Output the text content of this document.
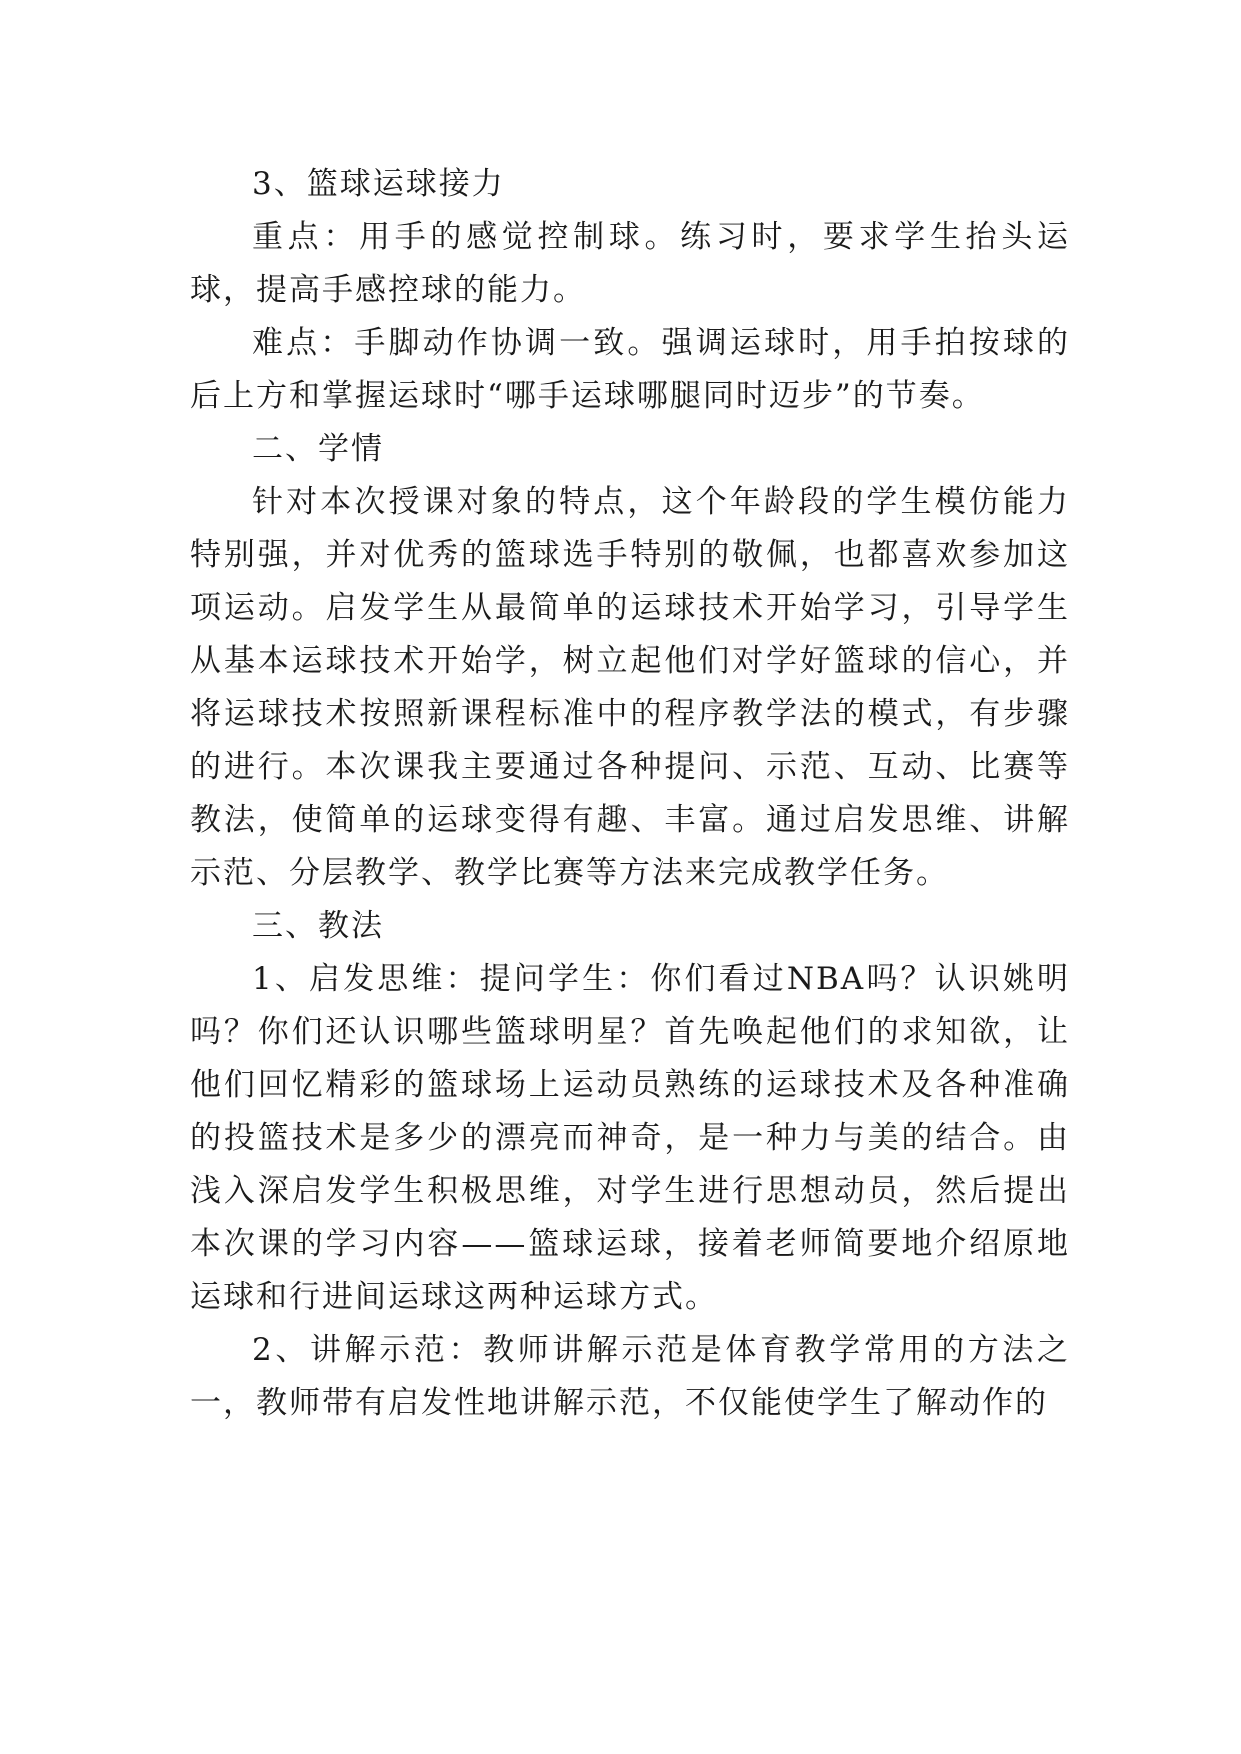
3、篮球运球接力

重点：用手的感觉控制球。练习时，要求学生抬头运球，提高手感控球的能力。

难点：手脚动作协调一致。强调运球时，用手拍按球的后上方和掌握运球时“哪手运球哪腿同时迈步”的节奏。

二、学情

针对本次授课对象的特点，这个年龄段的学生模仿能力特别强，并对优秀的篮球选手特别的敬佩，也都喜欢参加这项运动。启发学生从最简单的运球技术开始学习，引导学生从基本运球技术开始学，树立起他们对学好篮球的信心，并将运球技术按照新课程标准中的程序教学法的模式，有步骤的进行。本次课我主要通过各种提问、示范、互动、比赛等教法，使简单的运球变得有趣、丰富。通过启发思维、讲解示范、分层教学、教学比赛等方法来完成教学任务。

三、教法

1、启发思维：提问学生：你们看过NBA吗？认识姚明吗？你们还认识哪些篮球明星？首先唤起他们的求知欲，让他们回忆精彩的篮球场上运动员熟练的运球技术及各种准确的投篮技术是多少的漂亮而神奇，是一种力与美的结合。由浅入深启发学生积极思维，对学生进行思想动员，然后提出本次课的学习内容——篮球运球，接着老师简要地介绍原地运球和行进间运球这两种运球方式。

2、讲解示范：教师讲解示范是体育教学常用的方法之一，教师带有启发性地讲解示范，不仅能使学生了解动作的
